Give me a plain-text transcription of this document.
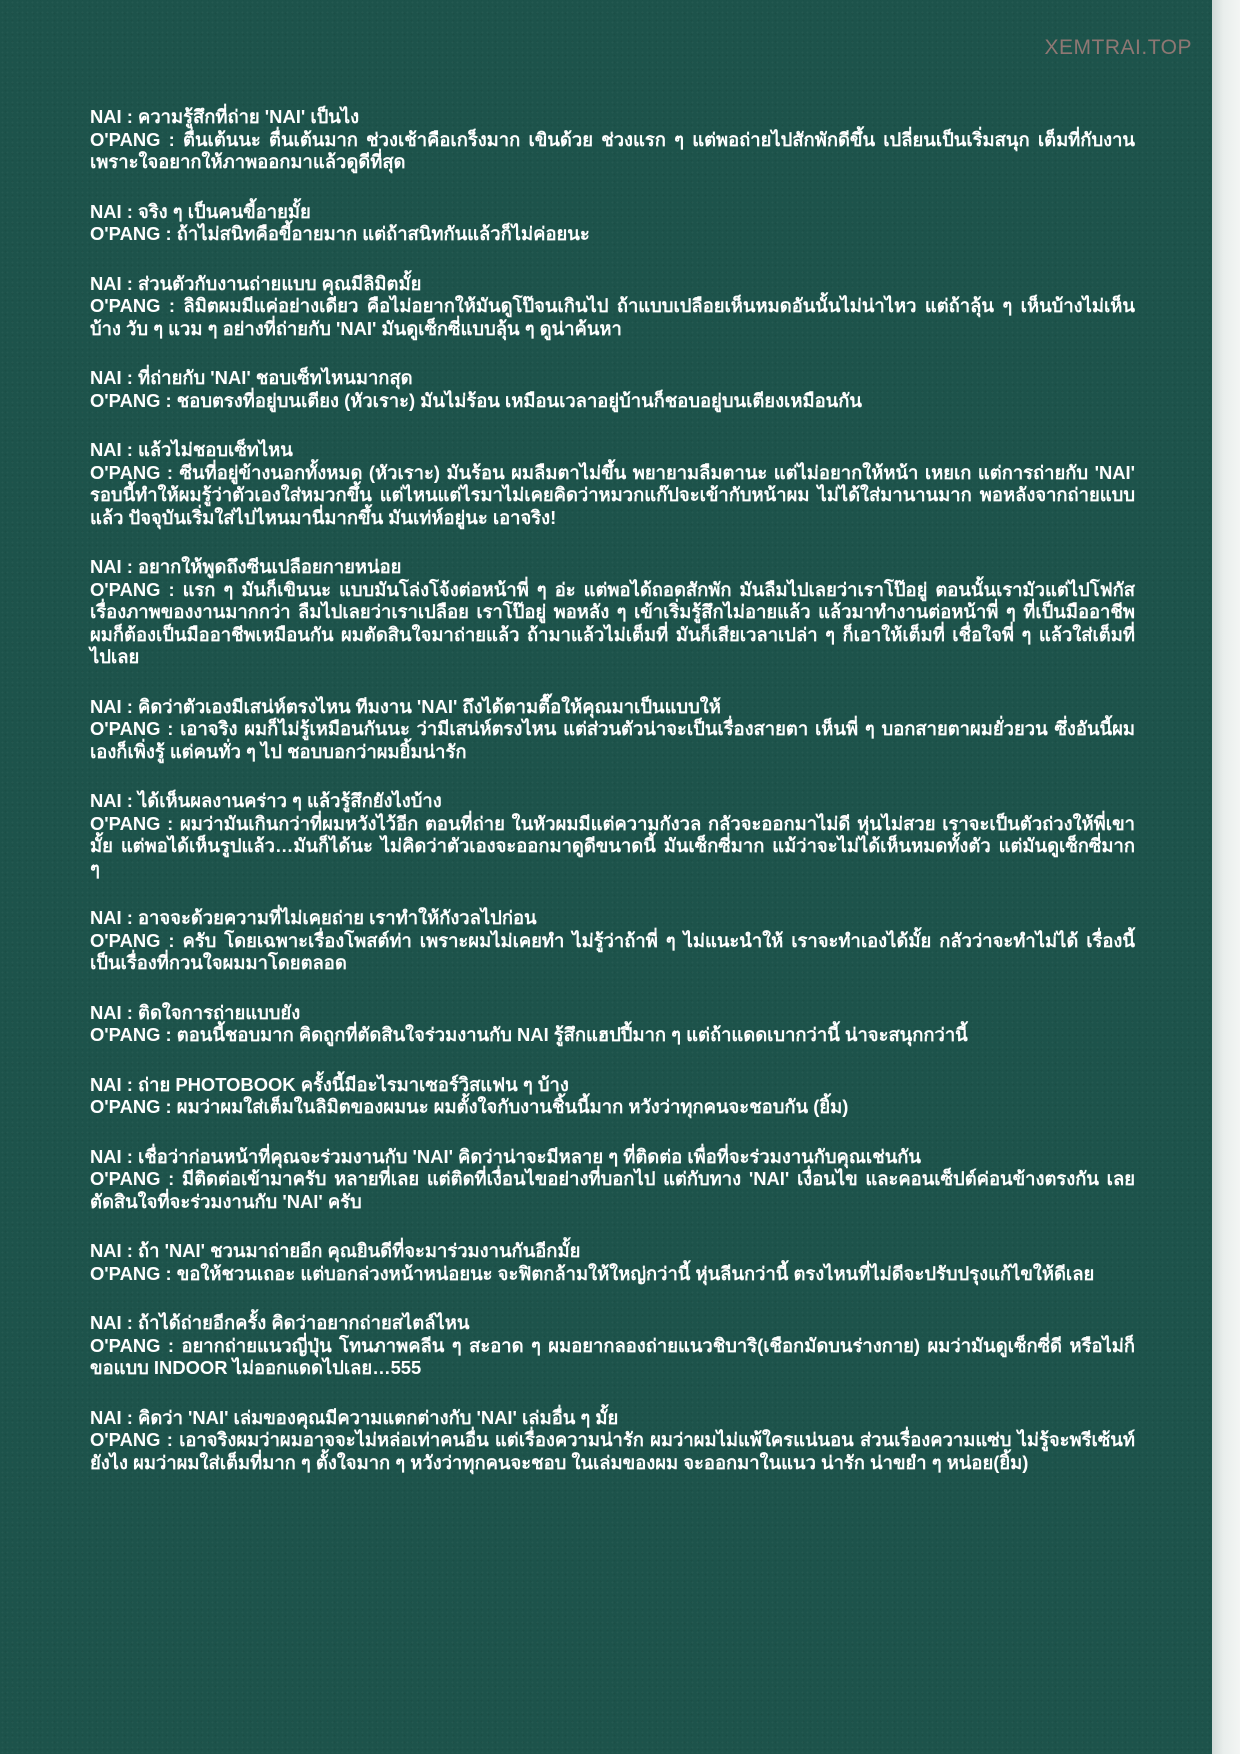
XEMTRAI.TOP

NAI : ความรู้สึกที่ถ่าย 'NAI' เป็นไง

O'PANG : ตื่นเต้นนะ ตื่นเต้นมาก ช่วงเช้าคือเกร็งมาก เขินด้วย ช่วงแรก ๆ แต่พอถ่ายไปสักพักดีขึ้น เปลี่ยนเป็นเริ่มสนุก เต็มที่กับงาน เพราะใจอยากให้ภาพออกมาแล้วดูดีที่สุด

NAI : จริง ๆ เป็นคนขี้อายมั้ย

O'PANG : ถ้าไม่สนิทคือขี้อายมาก แต่ถ้าสนิทกันแล้วก็ไม่ค่อยนะ

NAI : ส่วนตัวกับงานถ่ายแบบ คุณมีลิมิตมั้ย

O'PANG : ลิมิตผมมีแค่อย่างเดียว คือไม่อยากให้มันดูโป๊จนเกินไป ถ้าแบบเปลือยเห็นหมดอันนั้นไม่น่าไหว แต่ถ้าลุ้น ๆ เห็นบ้างไม่เห็นบ้าง วับ ๆ แวม ๆ อย่างที่ถ่ายกับ 'NAI' มันดูเซ็กซี่แบบลุ้น ๆ ดูน่าค้นหา

NAI : ที่ถ่ายกับ 'NAI' ชอบเซ็ทไหนมากสุด

O'PANG : ชอบตรงที่อยู่บนเตียง (หัวเราะ) มันไม่ร้อน เหมือนเวลาอยู่บ้านก็ชอบอยู่บนเตียงเหมือนกัน

NAI : แล้วไม่ชอบเซ็ทไหน

O'PANG : ซีนที่อยู่ข้างนอกทั้งหมด (หัวเราะ) มันร้อน ผมลืมตาไม่ขึ้น พยายามลืมตานะ แต่ไม่อยากให้หน้า เหยเก แต่การถ่ายกับ 'NAI' รอบนี้ทำให้ผมรู้ว่าตัวเองใส่หมวกขึ้น แต่ไหนแต่ไรมาไม่เคยคิดว่าหมวกแก๊ปจะเข้ากับหน้าผม ไม่ได้ใส่มานานมาก พอหลังจากถ่ายแบบแล้ว ปัจจุบันเริ่มใส่ไปไหนมานี่มากขึ้น มันเท่ห์อยู่นะ เอาจริง!

NAI : อยากให้พูดถึงซีนเปลือยกายหน่อย

O'PANG : แรก ๆ มันก็เขินนะ แบบมันโล่งโจ้งต่อหน้าพี่ ๆ อ่ะ แต่พอได้ถอดสักพัก มันลืมไปเลยว่าเราโป๊อยู่ ตอนนั้นเรามัวแต่ไปโฟกัสเรื่องภาพของงานมากกว่า ลืมไปเลยว่าเราเปลือย เราโป๊อยู่ พอหลัง ๆ เข้าเริ่มรู้สึกไม่อายแล้ว แล้วมาทำงานต่อหน้าพี่ ๆ ที่เป็นมืออาชีพ ผมก็ต้องเป็นมืออาชีพเหมือนกัน ผมตัดสินใจมาถ่ายแล้ว ถ้ามาแล้วไม่เต็มที่ มันก็เสียเวลาเปล่า ๆ ก็เอาให้เต็มที่ เชื่อใจพี่ ๆ แล้วใส่เต็มที่ไปเลย

NAI : คิดว่าตัวเองมีเสน่ห์ตรงไหน ทีมงาน 'NAI' ถึงได้ตามตื๊อให้คุณมาเป็นแบบให้

O'PANG : เอาจริง ผมก็ไม่รู้เหมือนกันนะ ว่ามีเสน่ห์ตรงไหน แต่ส่วนตัวน่าจะเป็นเรื่องสายตา เห็นพี่ ๆ บอกสายตาผมยั่วยวน ซึ่งอันนี้ผมเองก็เพิ่งรู้ แต่คนทั่ว ๆ ไป ชอบบอกว่าผมยิ้มน่ารัก

NAI : ได้เห็นผลงานคร่าว ๆ แล้วรู้สึกยังไงบ้าง

O'PANG : ผมว่ามันเกินกว่าที่ผมหวังไว้อีก ตอนที่ถ่าย ในหัวผมมีแต่ความกังวล กลัวจะออกมาไม่ดี หุ่นไม่สวย เราจะเป็นตัวถ่วงให้พี่เขามั้ย แต่พอได้เห็นรูปแล้ว…มันก็ได้นะ ไม่คิดว่าตัวเองจะออกมาดูดีขนาดนี้ มันเซ็กซี่มาก แม้ว่าจะไม่ได้เห็นหมดทั้งตัว แต่มันดูเซ็กซี่มาก ๆ

NAI : อาจจะด้วยความที่ไม่เคยถ่าย เราทำให้กังวลไปก่อน

O'PANG : ครับ โดยเฉพาะเรื่องโพสต์ท่า เพราะผมไม่เคยทำ ไม่รู้ว่าถ้าพี่ ๆ ไม่แนะนำให้ เราจะทำเองได้มั้ย กลัวว่าจะทำไม่ได้ เรื่องนี้เป็นเรื่องที่กวนใจผมมาโดยตลอด

NAI : ติดใจการถ่ายแบบยัง

O'PANG : ตอนนี้ชอบมาก คิดถูกที่ตัดสินใจร่วมงานกับ NAI รู้สึกแฮปปี้มาก ๆ แต่ถ้าแดดเบากว่านี้ น่าจะสนุกกว่านี้

NAI : ถ่าย PHOTOBOOK ครั้งนี้มีอะไรมาเซอร์วิสแฟน ๆ บ้าง

O'PANG : ผมว่าผมใส่เต็มในลิมิตของผมนะ ผมตั้งใจกับงานชิ้นนี้มาก หวังว่าทุกคนจะชอบกัน (ยิ้ม)

NAI : เชื่อว่าก่อนหน้าที่คุณจะร่วมงานกับ 'NAI' คิดว่าน่าจะมีหลาย ๆ ที่ติดต่อ เพื่อที่จะร่วมงานกับคุณเช่นกัน

O'PANG : มีติดต่อเข้ามาครับ หลายที่เลย แต่ติดที่เงื่อนไขอย่างที่บอกไป แต่กับทาง 'NAI' เงื่อนไข และคอนเซ็ปต์ค่อนข้างตรงกัน เลยตัดสินใจที่จะร่วมงานกับ 'NAI' ครับ

NAI : ถ้า 'NAI' ชวนมาถ่ายอีก คุณยินดีที่จะมาร่วมงานกันอีกมั้ย

O'PANG : ขอให้ชวนเถอะ แต่บอกล่วงหน้าหน่อยนะ จะฟิตกล้ามให้ใหญ่กว่านี้ หุ่นลีนกว่านี้ ตรงไหนที่ไม่ดีจะปรับปรุงแก้ไขให้ดีเลย

NAI : ถ้าได้ถ่ายอีกครั้ง คิดว่าอยากถ่ายสไตล์ไหน

O'PANG : อยากถ่ายแนวญี่ปุ่น โทนภาพคลีน ๆ สะอาด ๆ ผมอยากลองถ่ายแนวชิบาริ(เชือกมัดบนร่างกาย) ผมว่ามันดูเซ็กซี่ดี หรือไม่ก็ขอแบบ INDOOR ไม่ออกแดดไปเลย…555

NAI : คิดว่า 'NAI' เล่มของคุณมีความแตกต่างกับ 'NAI' เล่มอื่น ๆ มั้ย

O'PANG : เอาจริงผมว่าผมอาจจะไม่หล่อเท่าคนอื่น แต่เรื่องความน่ารัก ผมว่าผมไม่แพ้ใครแน่นอน ส่วนเรื่องความแซ่บ ไม่รู้จะพรีเซ้นท์ยังไง ผมว่าผมใส่เต็มที่มาก ๆ ตั้งใจมาก ๆ หวังว่าทุกคนจะชอบ ในเล่มของผม จะออกมาในแนว น่ารัก น่าขยำ ๆ หน่อย(ยิ้ม)
